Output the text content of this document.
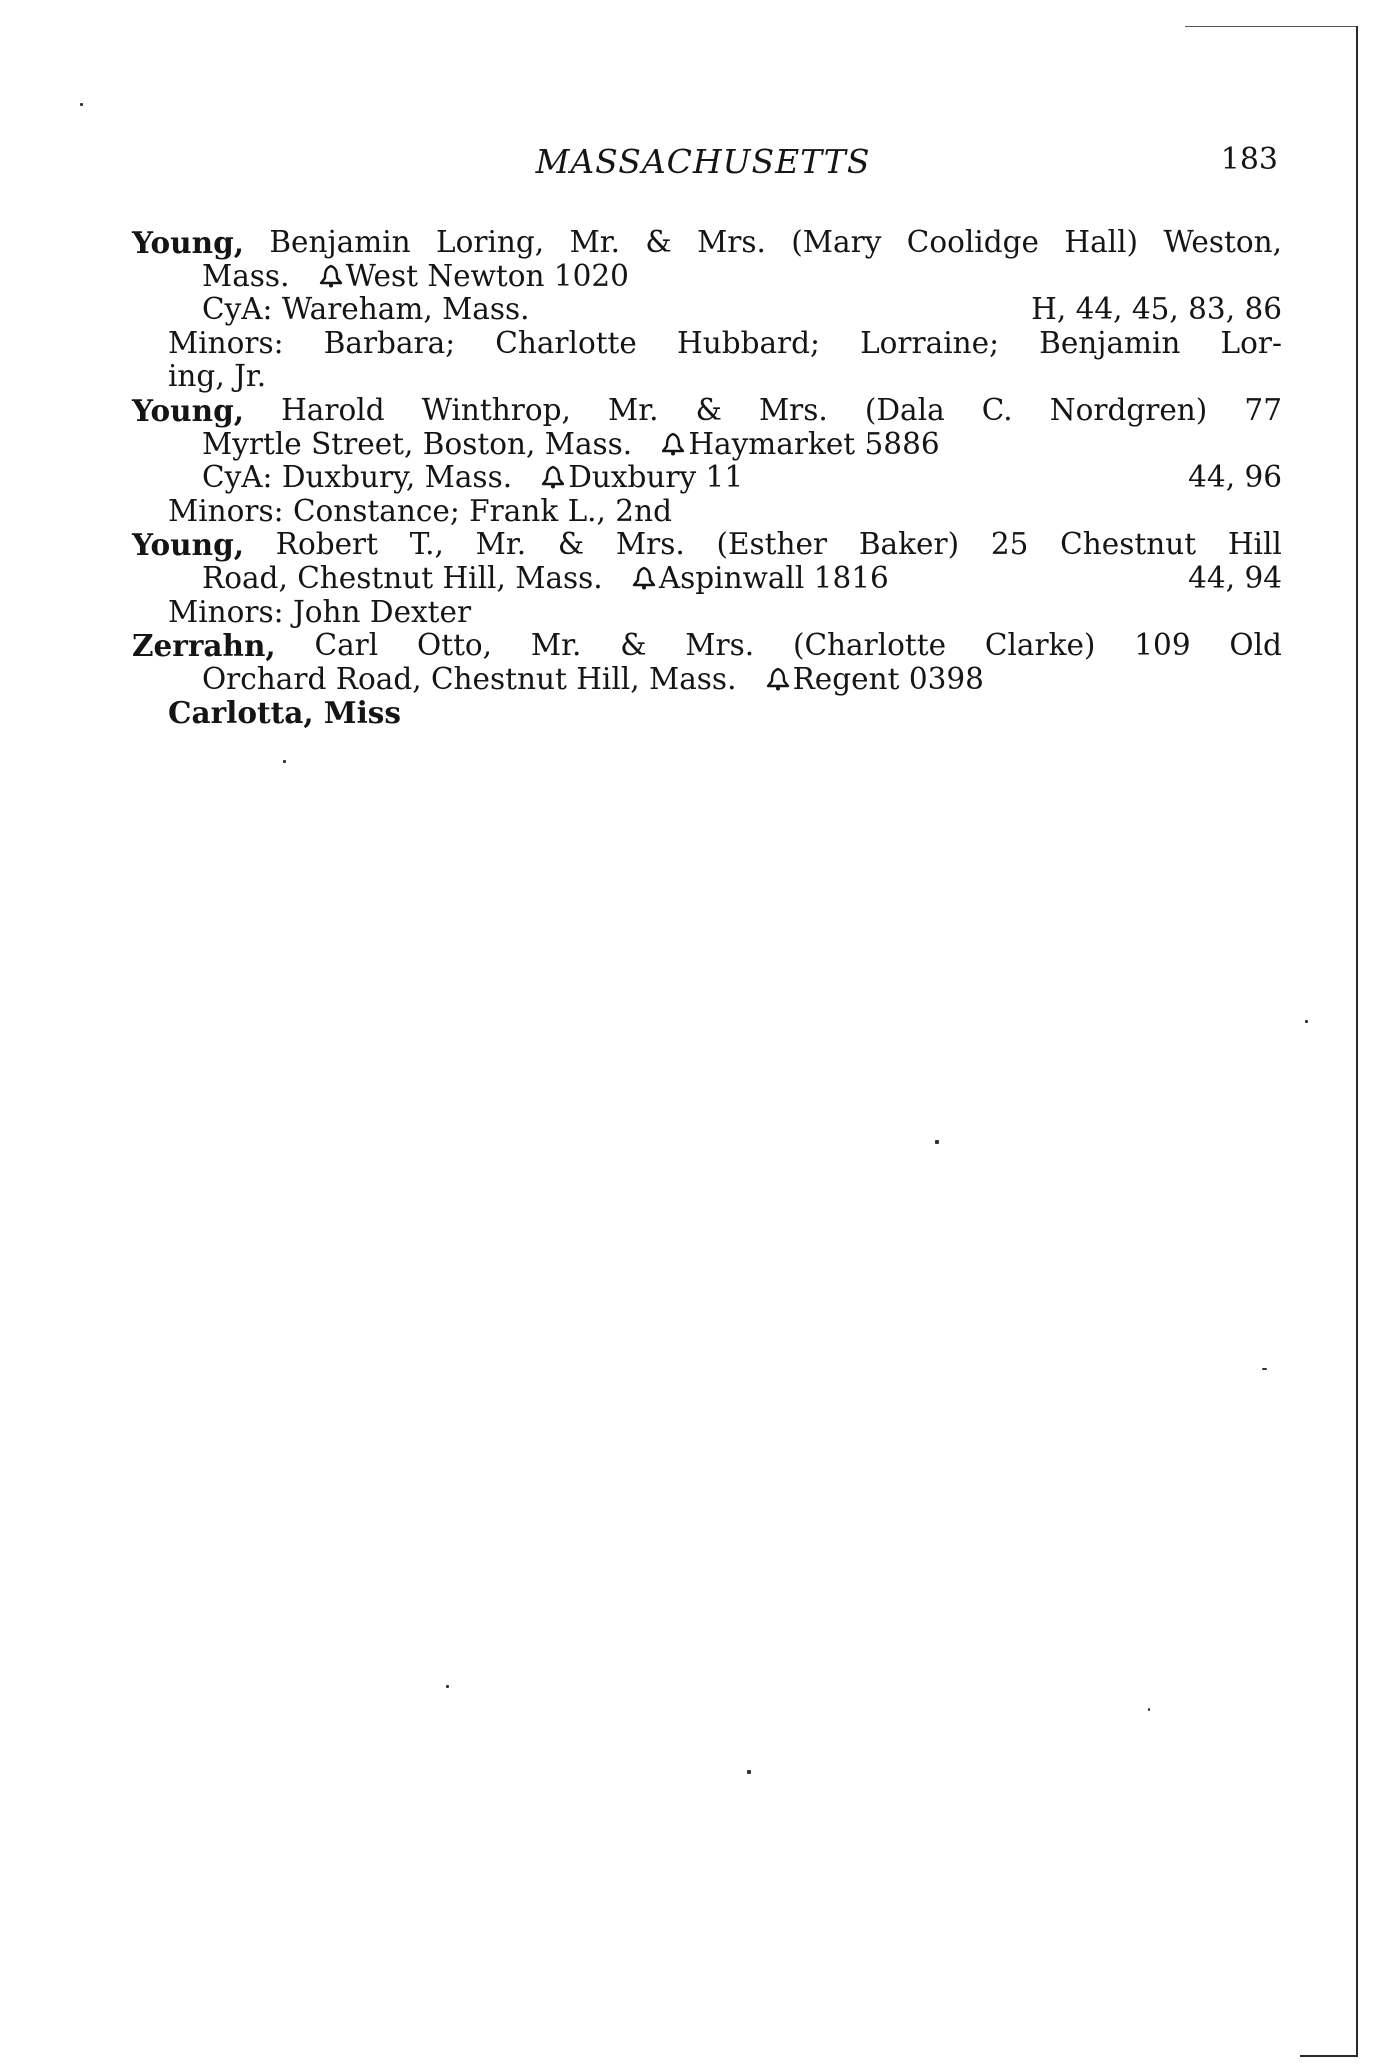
MASSACHUSETTS	183
Young, Benjamin Loring, Mr. & Mrs. (Mary Coolidge Hall) Weston,
Mass. West Newton 1020
CyA: Wareham, Mass.	H, 44, 45, 83, 86
Minors: Barbara; Charlotte Hubbard; Lorraine; Benjamin Lor-
ing, Jr.
Young, Harold Winthrop, Mr. & Mrs. (Dala C. Nordgren) 77
Myrtle Street, Boston, Mass. Haymarket 5886
CyA: Duxbury, Mass. Duxbury 11	44, 96
Minors: Constance; Frank L., 2nd
Young, Robert T., Mr. & Mrs. (Esther Baker) 25 Chestnut Hill
Road, Chestnut Hill, Mass. Aspinwall 1816	44, 94
Minors: John Dexter
Zerrahn, Carl Otto, Mr. & Mrs. (Charlotte Clarke) 109 Old
Orchard Road, Chestnut Hill, Mass. Regent 0398
Carlotta, Miss
